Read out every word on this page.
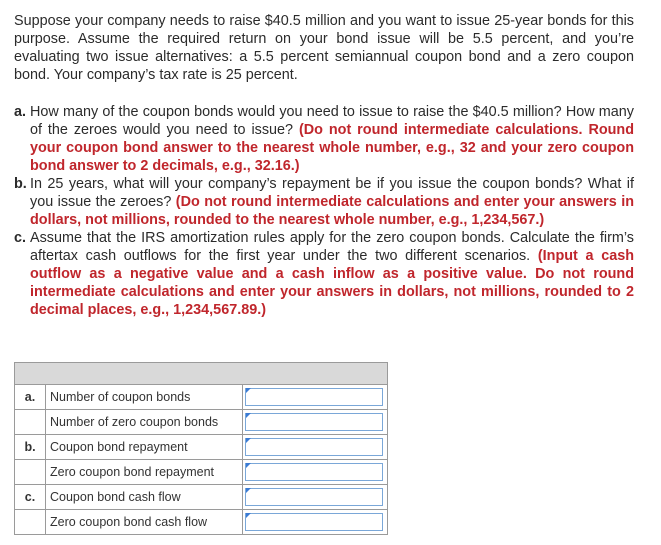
Suppose your company needs to raise $40.5 million and you want to issue 25-year bonds for this purpose. Assume the required return on your bond issue will be 5.5 percent, and you’re evaluating two issue alternatives: a 5.5 percent semiannual coupon bond and a zero coupon bond. Your company’s tax rate is 25 percent.

a. How many of the coupon bonds would you need to issue to raise the $40.5 million? How many of the zeroes would you need to issue? (Do not round intermediate calculations. Round your coupon bond answer to the nearest whole number, e.g., 32 and your zero coupon bond answer to 2 decimals, e.g., 32.16.)
b. In 25 years, what will your company’s repayment be if you issue the coupon bonds? What if you issue the zeroes? (Do not round intermediate calculations and enter your answers in dollars, not millions, rounded to the nearest whole number, e.g., 1,234,567.)
c. Assume that the IRS amortization rules apply for the zero coupon bonds. Calculate the firm’s aftertax cash outflows for the first year under the two different scenarios. (Input a cash outflow as a negative value and a cash inflow as a positive value. Do not round intermediate calculations and enter your answers in dollars, not millions, rounded to 2 decimal places, e.g., 1,234,567.89.)

a.	Number of coupon bonds	

	Number of zero coupon bonds	

b.	Coupon bond repayment	

	Zero coupon bond repayment	

c.	Coupon bond cash flow	

	Zero coupon bond cash flow	
